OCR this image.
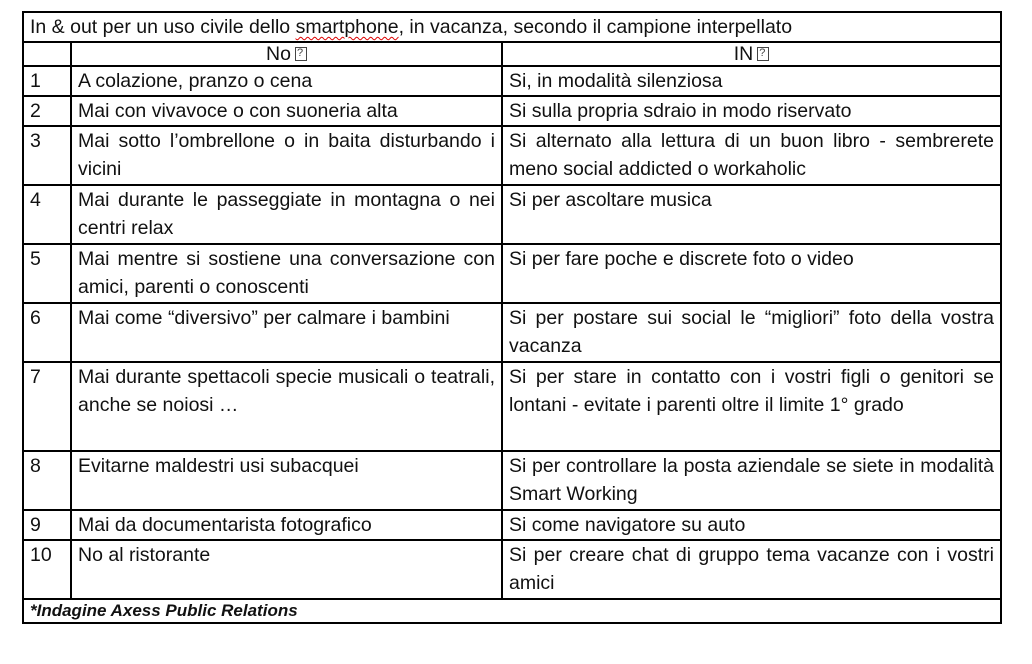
In & out per un uso civile dello smartphone, in vacanza, secondo il campione interpellato		
	No?	IN?
1	A colazione, pranzo o cena	Si, in modalità silenziosa
2	Mai con vivavoce o con suoneria alta	Si sulla propria sdraio in modo riservato
3	Mai sotto l’ombrellone o in baita disturbando i vicini	Si alternato alla lettura di un buon libro - sembrerete meno social addicted o workaholic
4	Mai durante le passeggiate in montagna o nei centri relax	Si per ascoltare musica
5	Mai mentre si sostiene una conversazione con amici, parenti o conoscenti	Si per fare poche e discrete foto o video
6	Mai come “diversivo” per calmare i bambini	Si per postare sui social le “migliori” foto della vostra vacanza
7	Mai durante spettacoli specie musicali o teatrali, anche se noiosi …	Si per stare in contatto con i vostri figli o genitori se lontani - evitate i parenti oltre il limite 1° grado
8	Evitarne maldestri usi subacquei	Si per controllare la posta aziendale se siete in modalità Smart Working
9	Mai da documentarista fotografico	Si come navigatore su auto
10	No al ristorante	Si per creare chat di gruppo tema vacanze con i vostri amici
*Indagine Axess Public Relations		
